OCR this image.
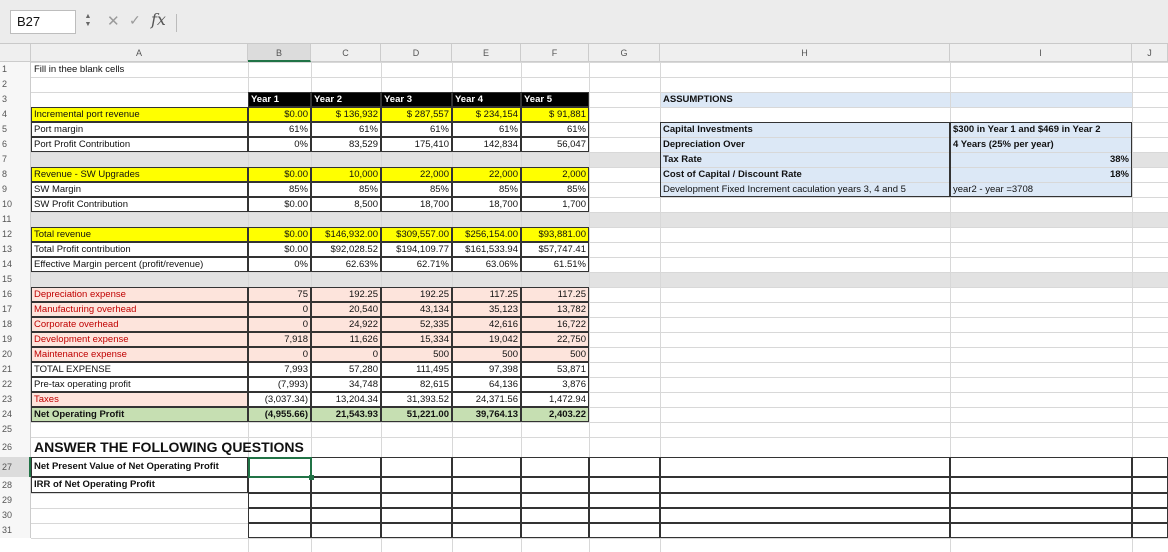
B27	▲
▼ ✕ ✓ fx
A	B	C	D	E	F	G	H	I	J
1
2
3
4
5
6
7
8
9
10
11
12
13
14
15
16
17
18
19
20
21
22
23
24
25
26
27
28
29
30
31
Fill in thee blank cells
Year 1	Year 2	Year 3	Year 4	Year 5
Incremental port revenue	$0.00	$ 136,932	$ 287,557	$ 234,154	$ 91,881
Port margin	61%	61%	61%	61%	61%
Port Profit Contribution	0%	83,529	175,410	142,834	56,047
Revenue - SW Upgrades	$0.00	10,000	22,000	22,000	2,000
SW Margin	85%	85%	85%	85%	85%
SW Profit Contribution	$0.00	8,500	18,700	18,700	1,700
Total revenue	$0.00	$146,932.00	$309,557.00	$256,154.00	$93,881.00
Total Profit contribution	$0.00	$92,028.52	$194,109.77	$161,533.94	$57,747.41
Effective Margin percent (profit/revenue)	0%	62.63%	62.71%	63.06%	61.51%
Depreciation expense	75	192.25	192.25	117.25	117.25
Manufacturing overhead	0	20,540	43,134	35,123	13,782
Corporate overhead	0	24,922	52,335	42,616	16,722
Development expense	7,918	11,626	15,334	19,042	22,750
Maintenance expense	0	0	500	500	500
TOTAL EXPENSE	7,993	57,280	111,495	97,398	53,871
Pre-tax operating profit	(7,993)	34,748	82,615	64,136	3,876
Taxes	(3,037.34)	13,204.34	31,393.52	24,371.56	1,472.94
Net Operating Profit	(4,955.66)	21,543.93	51,221.00	39,764.13	2,403.22
ANSWER THE FOLLOWING QUESTIONS
Net Present Value of Net Operating Profit
IRR of Net Operating Profit
ASSUMPTIONS
Capital Investments	$300 in Year 1 and $469 in Year 2
Depreciation Over	4 Years (25% per year)
Tax Rate	38%
Cost of Capital / Discount Rate	18%
Development Fixed Increment caculation years 3, 4 and 5	year2 - year =3708
